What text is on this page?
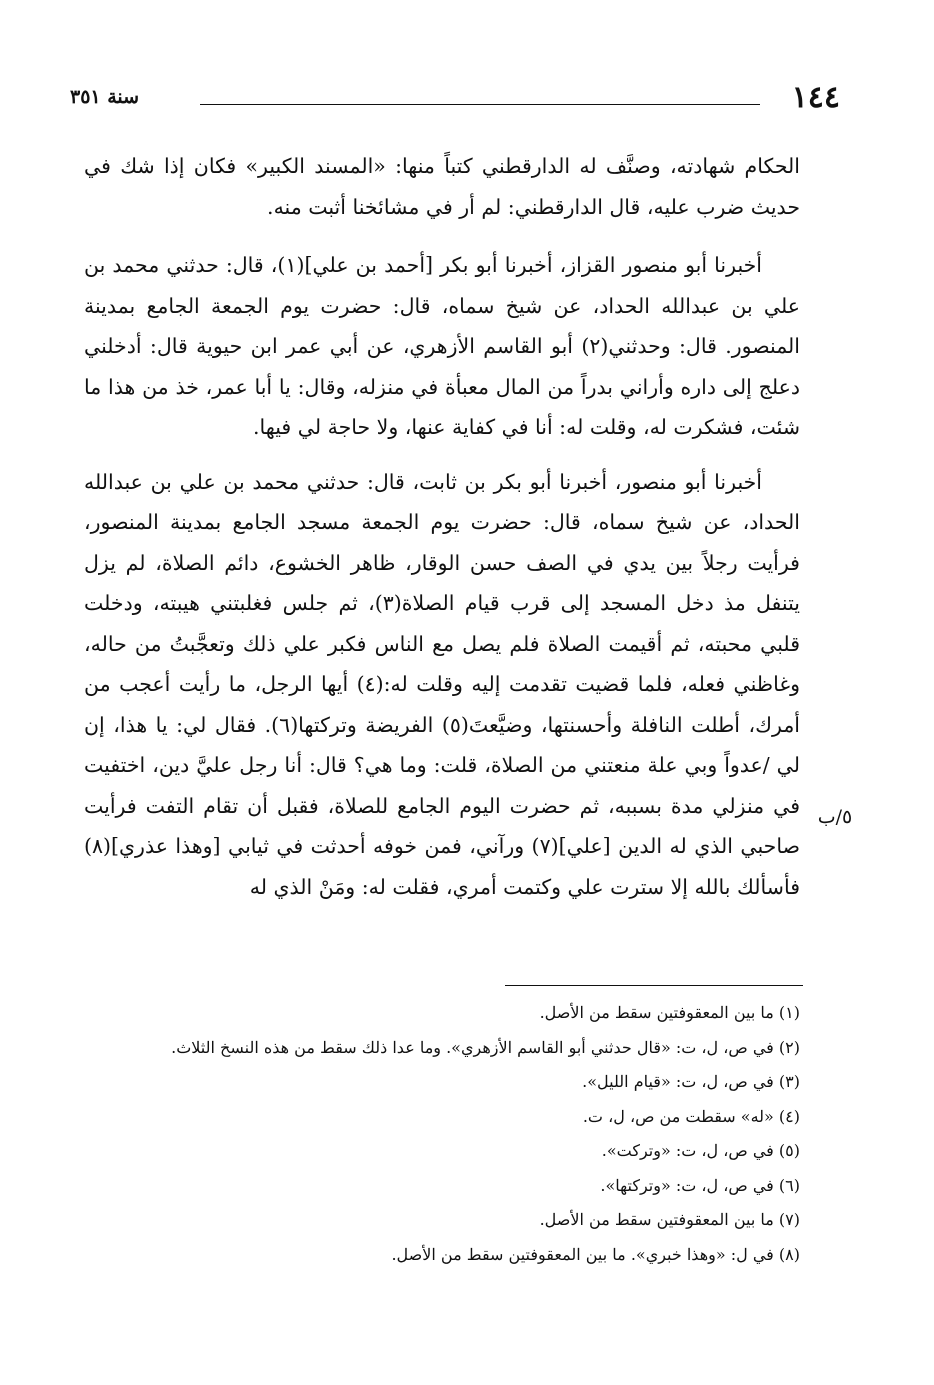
١٤٤
سنة ٣٥١
٥/ب

الحكام شهادته، وصنَّف له الدارقطني كتباً منها: «المسند الكبير» فكان إذا شك في حديث ضرب عليه، قال الدارقطني: لم أر في مشائخنا أثبت منه.

أخبرنا أبو منصور القزاز، أخبرنا أبو بكر [أحمد بن علي](١)، قال: حدثني محمد بن علي بن عبدالله الحداد، عن شيخ سماه، قال: حضرت يوم الجمعة الجامع بمدينة المنصور. قال: وحدثني(٢) أبو القاسم الأزهري، عن أبي عمر ابن حيوية قال: أدخلني دعلج إلى داره وأراني بدراً من المال معبأة في منزله، وقال: يا أبا عمر، خذ من هذا ما شئت، فشكرت له، وقلت له: أنا في كفاية عنها، ولا حاجة لي فيها.

أخبرنا أبو منصور، أخبرنا أبو بكر بن ثابت، قال: حدثني محمد بن علي بن عبدالله الحداد، عن شيخ سماه، قال: حضرت يوم الجمعة مسجد الجامع بمدينة المنصور، فرأيت رجلاً بين يدي في الصف حسن الوقار، ظاهر الخشوع، دائم الصلاة، لم يزل يتنفل مذ دخل المسجد إلى قرب قيام الصلاة(٣)، ثم جلس فغلبتني هيبته، ودخلت قلبي محبته، ثم أقيمت الصلاة فلم يصل مع الناس فكبر علي ذلك وتعجَّبتُ من حاله، وغاظني فعله، فلما قضيت تقدمت إليه وقلت له:(٤) أيها الرجل، ما رأيت أعجب من أمرك، أطلت النافلة وأحسنتها، وضيَّعتَ(٥) الفريضة وتركتها(٦). فقال لي: يا هذا، إن لي /عدواً وبي علة منعتني من الصلاة، قلت: وما هي؟ قال: أنا رجل عليَّ دين، اختفيت في منزلي مدة بسببه، ثم حضرت اليوم الجامع للصلاة، فقبل أن تقام التفت فرأيت صاحبي الذي له الدين [علي](٧) ورآني، فمن خوفه أحدثت في ثيابي [وهذا عذري](٨) فأسألك بالله إلا سترت علي وكتمت أمري، فقلت له: ومَنْ الذي له

(١) ما بين المعقوفتين سقط من الأصل.

(٢) في ص، ل، ت: «قال حدثني أبو القاسم الأزهري». وما عدا ذلك سقط من هذه النسخ الثلاث.

(٣) في ص، ل، ت: «قيام الليل».

(٤) «له» سقطت من ص، ل، ت.

(٥) في ص، ل، ت: «وتركت».

(٦) في ص، ل، ت: «وتركتها».

(٧) ما بين المعقوفتين سقط من الأصل.

(٨) في ل: «وهذا خبري». ما بين المعقوفتين سقط من الأصل.
